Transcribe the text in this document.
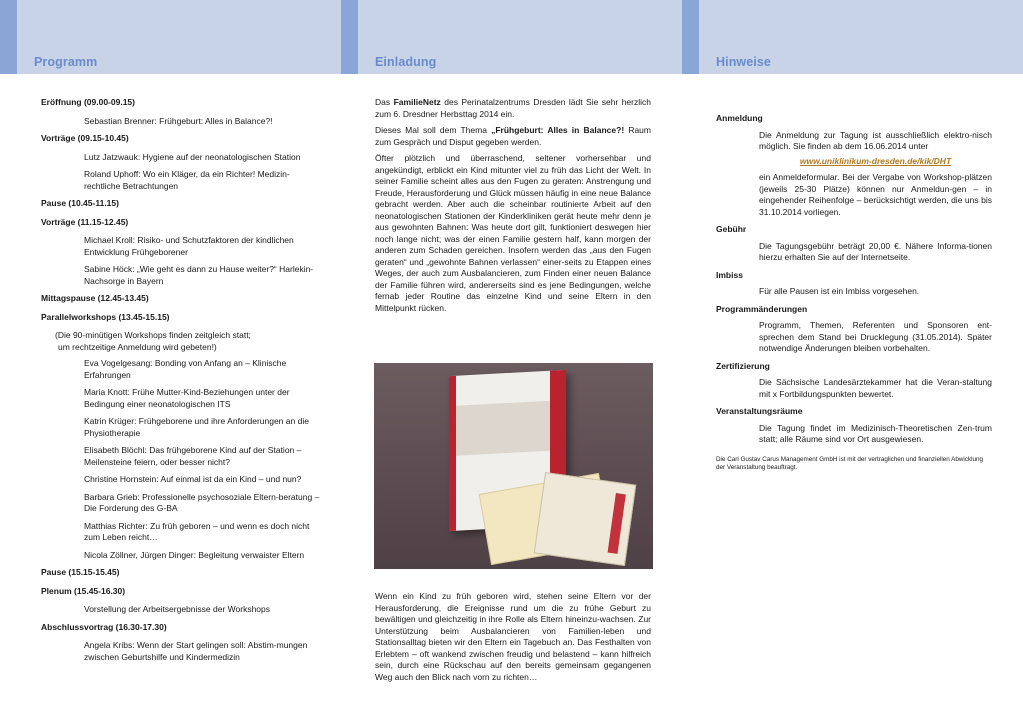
Programm
Eröffnung (09.00-09.15)
Sebastian Brenner: Frühgeburt: Alles in Balance?!
Vorträge (09.15-10.45)
Lutz Jatzwauk: Hygiene auf der neonatologischen Station
Roland Uphoff: Wo ein Kläger, da ein Richter! Medizin-rechtliche Betrachtungen
Pause (10.45-11.15)
Vorträge (11.15-12.45)
Michael Kroll: Risiko- und Schutzfaktoren der kindlichen Entwicklung Frühgeborener
Sabine Höck: „Wie geht es dann zu Hause weiter?“ Harlekin-Nachsorge in Bayern
Mittagspause (12.45-13.45)
Parallelworkshops (13.45-15.15)
(Die 90-minütigen Workshops finden zeitgleich statt;
um rechtzeitige Anmeldung wird gebeten!)
Eva Vogelgesang: Bonding von Anfang an – Klinische Erfahrungen
Maria Knott: Frühe Mutter-Kind-Beziehungen unter der Bedingung einer neonatologischen ITS
Katrin Krüger: Frühgeborene und ihre Anforderungen an die Physiotherapie
Elisabeth Blöchl: Das frühgeborene Kind auf der Station – Meilensteine feiern, oder besser nicht?
Christine Hornstein: Auf einmal ist da ein Kind – und nun?
Barbara Grieb: Professionelle psychosoziale Eltern-beratung – Die Forderung des G-BA
Matthias Richter: Zu früh geboren – und wenn es doch nicht zum Leben reicht…
Nicola Zöllner, Jürgen Dinger: Begleitung verwaister Eltern
Pause (15.15-15.45)
Plenum (15.45-16.30)
Vorstellung der Arbeitsergebnisse der Workshops
Abschlussvortrag (16.30-17.30)
Angela Kribs: Wenn der Start gelingen soll: Abstim-mungen zwischen Geburtshilfe und Kindermedizin
Einladung

Das FamilieNetz des Perinatalzentrums Dresden lädt Sie sehr herzlich zum 6. Dresdner Herbsttag 2014 ein.

Dieses Mal soll dem Thema „Frühgeburt: Alles in Balance?! Raum zum Gespräch und Disput gegeben werden.

Öfter plötzlich und überraschend, seltener vorhersehbar und angekündigt, erblickt ein Kind mitunter viel zu früh das Licht der Welt. In seiner Familie scheint alles aus den Fugen zu geraten: Anstrengung und Freude, Herausforderung und Glück müssen häufig in eine neue Balance gebracht werden. Aber auch die scheinbar routinierte Arbeit auf den neonatologischen Stationen der Kinderkliniken gerät heute mehr denn je aus gewohnten Bahnen: Was heute dort gilt, funktioniert deswegen hier noch lange nicht; was der einen Familie gestern half, kann morgen der anderen zum Schaden gereichen. Insofern werden das „aus den Fugen geraten“ und „gewohnte Bahnen verlassen“ einer-seits zu Etappen eines Weges, der auch zum Ausbalancieren, zum Finden einer neuen Balance der Familie führen wird, andererseits sind es jene Bedingungen, welche fernab jeder Routine das einzelne Kind und seine Eltern in den Mittelpunkt rücken.

Wenn ein Kind zu früh geboren wird, stehen seine Eltern vor der Herausforderung, die Ereignisse rund um die zu frühe Geburt zu bewältigen und gleichzeitig in ihre Rolle als Eltern hineinzu-wachsen. Zur Unterstützung beim Ausbalancieren von Familien-leben und Stationsalltag bieten wir den Eltern ein Tagebuch an. Das Festhalten von Erlebtem – oft wankend zwischen freudig und belastend – kann hilfreich sein, durch eine Rückschau auf den bereits gemeinsam gegangenen Weg auch den Blick nach vorn zu richten…
Hinweise
Anmeldung
Die Anmeldung zur Tagung ist ausschließlich elektro-nisch möglich. Sie finden ab dem 16.06.2014 unter
www.uniklinikum-dresden.de/kik/DHT
ein Anmeldeformular. Bei der Vergabe von Workshop-plätzen (jeweils 25-30 Plätze) können nur Anmeldun-gen – in eingehender Reihenfolge – berücksichtigt werden, die uns bis 31.10.2014 vorliegen.
Gebühr
Die Tagungsgebühr beträgt 20,00 €. Nähere Informa-tionen hierzu erhalten Sie auf der Internetseite.
Imbiss
Für alle Pausen ist ein Imbiss vorgesehen.
Programmänderungen
Programm, Themen, Referenten und Sponsoren ent-sprechen dem Stand bei Drucklegung (31.05.2014). Später notwendige Änderungen bleiben vorbehalten.
Zertifizierung
Die Sächsische Landesärztekammer hat die Veran-staltung mit x Fortbildungspunkten bewertet.
Veranstaltungsräume
Die Tagung findet im Medizinisch-Theoretischen Zen-trum statt; alle Räume sind vor Ort ausgewiesen.
Die Carl Gustav Carus Management GmbH ist mit der vertraglichen und finanziellen Abwicklung der Veranstaltung beauftragt.
